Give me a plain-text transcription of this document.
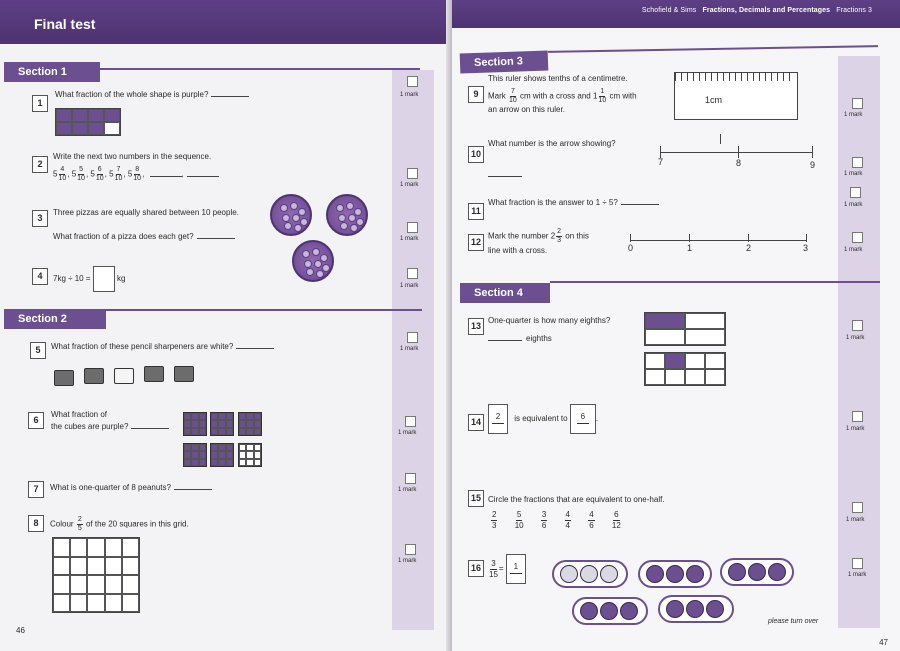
Final test
Section 1
1
What fraction of the whole shape is purple?	1 mark
2
Write the next two numbers in the sequence.
$5 \frac{4}{10}$ , $5 \frac{5}{10}$ , $5 \frac{6}{10}$ , $5 \frac{7}{10}$ , $5 \frac{8}{10}$ ,	,
1 mark
3
Three pizzas are equally shared between 10 people.
What fraction of a pizza does each get?	1 mark
4	7kg ÷ 10 =	kg
1 mark
Section 2
5	What fraction of these pencil sharpeners are white?	1 mark
6
What fraction of
the cubes are purple?
1 mark
7	What is one-quarter of 8 peanuts?	1 mark
8	Colour $\frac{2}{5}$ of the 20 squares in this grid.
1 mark
46
Schofield & Sims Fractions, Decimals and Percentages Fractions 3
Section 3
9
This ruler shows tenths of a centimetre.
Mark $\frac{7}{10}$ cm with a cross and $1 \frac{1}{10}$ cm with
an arrow on this ruler.
1cm
1 mark
10
What number is the arrow showing?
7	8	9
1 mark
11
What fraction is the answer to 1 ÷ 5?	1 mark
12
Mark the number $2 \frac{2}{3}$ on this
line with a cross.	0	1	2	3	1 mark
Section 4
13
One-quarter is how many eighths?
eighths	1 mark
14
2 is equivalent to 6 .
1 mark
15 Circle the fractions that are equivalent to one-half.
$\frac{2}{3}$
$\frac{5}{10}$
$\frac{3}{6}$
$\frac{4}{4}$
$\frac{4}{6}$
$\frac{6}{12}$	1 mark
16	$\frac{3}{15} = 1$
1 mark
please turn over
47
